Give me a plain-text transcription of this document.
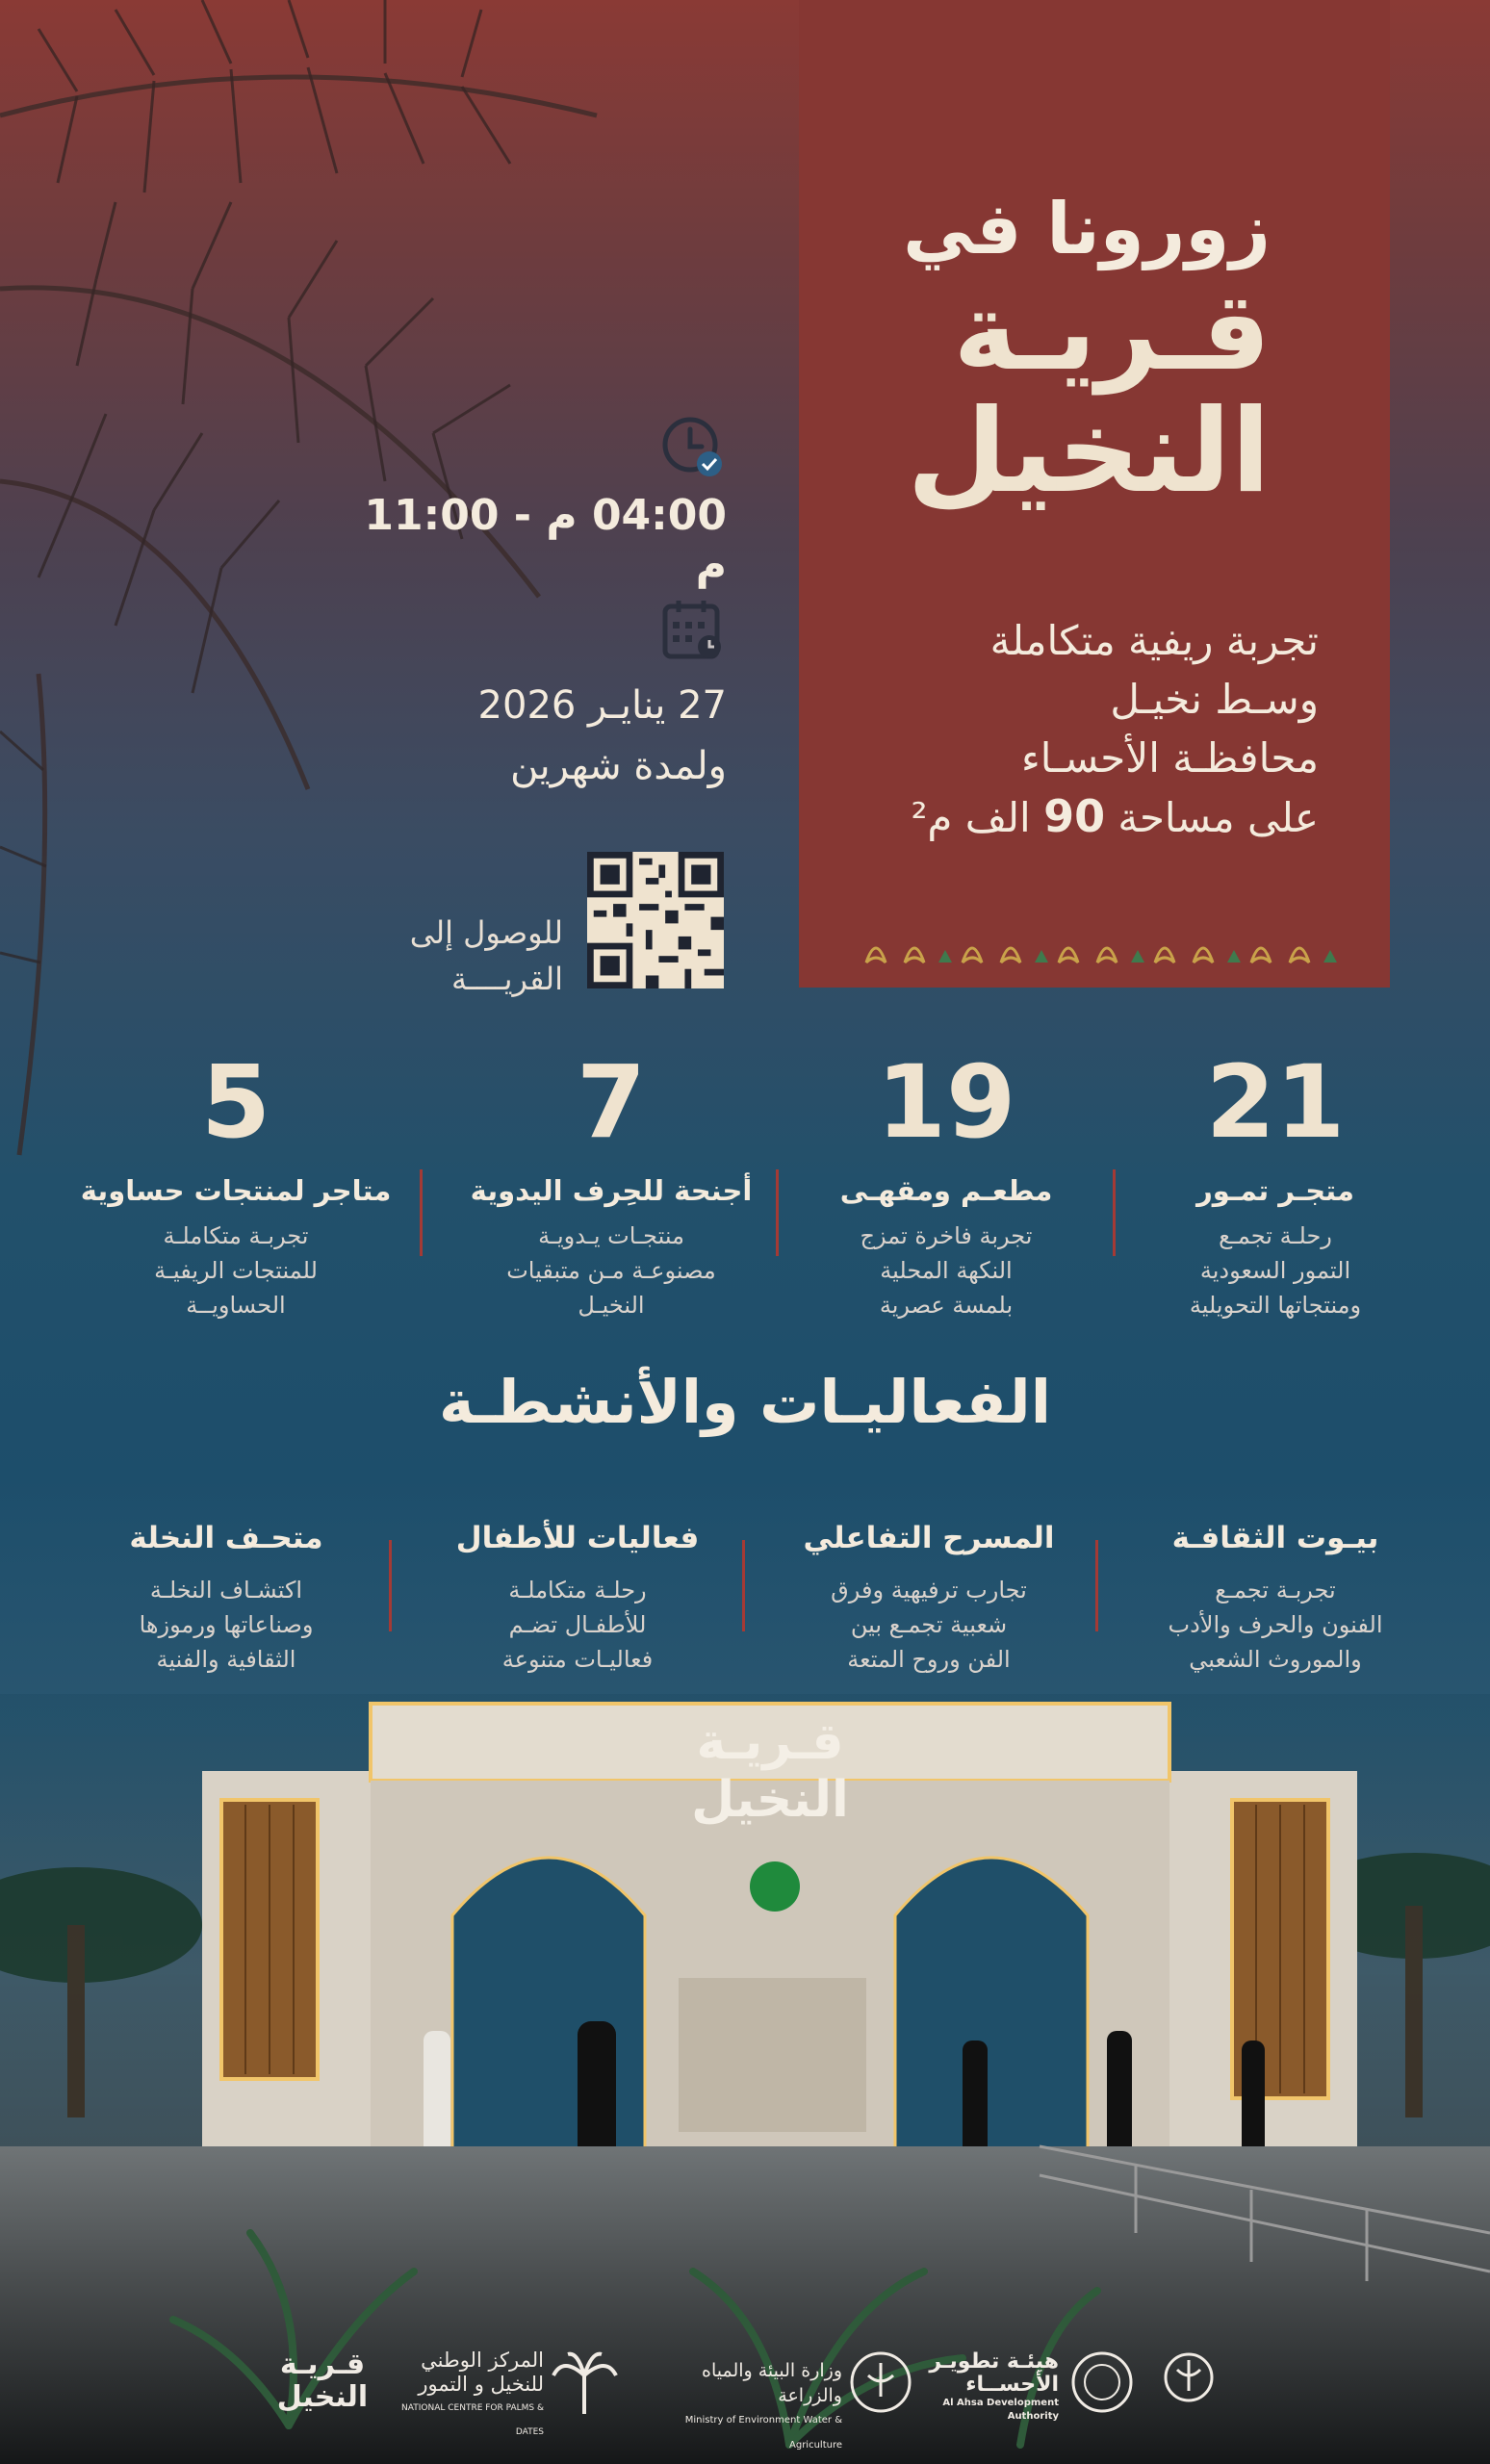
زورونا في
قـريـة
النخيل
تجربة ريفية متكاملة
وسـط نخيـل
محافظـة الأحسـاء
على مساحة 90 الف م²
04:00 م - 11:00 م
27 ينايـر 2026
ولمدة شهرين
للوصول إلى
القريــــة
21
متجـر تمـور
رحلـة تجمـع
التمور السعودية
ومنتجاتها التحويلية
19
مطعـم ومقهـى
تجربة فاخرة تمزج
النكهة المحلية
بلمسة عصرية
7
أجنحة للحِرف اليدوية
منتجـات يـدويـة
مصنوعـة مـن متبقيات
النخيـل
5
متاجر لمنتجات حساوية
تجربـة متكاملـة
للمنتجات الريفيـة
الحساويــة
الفعاليـات والأنشطـة
بيـوت الثقافـة
تجربـة تجمـع
الفنون والحرف والأدب
والموروث الشعبي
المسرح التفاعلي
تجارب ترفيهية وفرق
شعبية تجمـع بين
الفن وروح المتعة
فعاليات للأطفال
رحلـة متكاملـة
للأطفـال تضـم
فعاليـات متنوعة
متحـف النخلة
اكتشـاف النخلـة
وصناعاتها ورموزها
الثقافية والفنية
قـريـة
النخيل
هيئـة تطويـر
الأحســاء
Al Ahsa Development Authority
وزارة البيئة والمياه والزراعة
Ministry of Environment Water & Agriculture
المركز الوطني
للنخيل و التمور
NATIONAL CENTRE FOR PALMS & DATES
قـريـة
النخيل
